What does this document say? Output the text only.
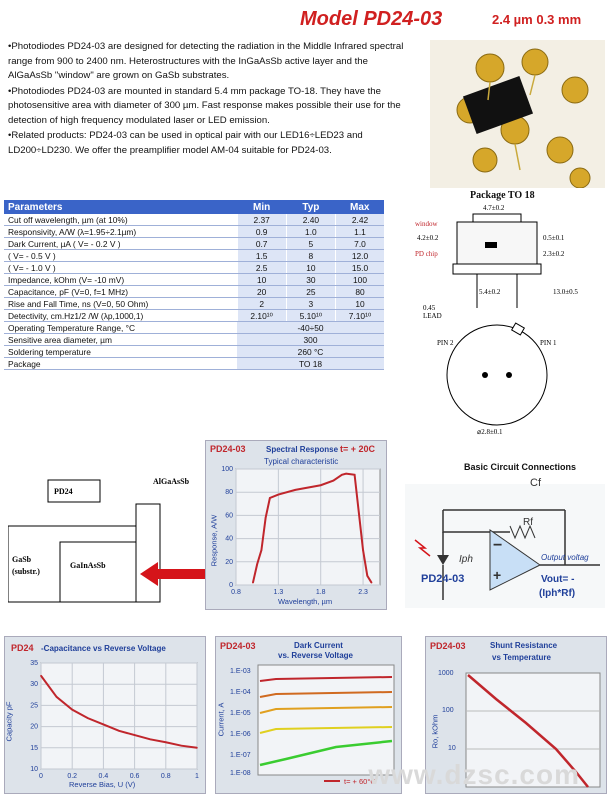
Model PD24-03	2.4 µm 0.3 mm

•Photodiodes PD24-03 are designed for detecting the radiation in the Middle Infrared spectral range from 900 to 2400 nm. Heterostructures with the InGaAsSb active layer and the AlGaAsSb "window" are grown on GaSb substrates.

•Photodiodes PD24-03 are mounted in standard 5.4 mm package TO-18. They have the photosensitive area with diameter of 300 µm. Fast response makes possible their use for the detection of high frequency modulated laser or LED emission.

•Related products: PD24-03 can be used in optical pair with our LED16÷LED23 and LD200÷LD230. We offer the preamplifier model AM-04 suitable for PD24-03.

Parameters	Min	Typ	Max
Cut off wavelength, µm (at 10%)	2.37	2.40	2.42
Responsivity, A/W (λ=1.95÷2.1µm)	0.9	1.0	1.1
Dark Current, µA ( V= - 0.2 V )	0.7	5	7.0
( V= - 0.5 V )	1.5	8	12.0
( V= - 1.0 V )	2.5	10	15.0
Impedance, kOhm (V= -10 mV)	10	30	100
Capacitance, pF (V=0, f=1 MHz)	20	25	80
Rise and Fall Time, ns (V=0, 50 Ohm)	2	3	10
Detectivity, cm.Hz1/2 /W (λp,1000,1)	2.10¹⁰	5.10¹⁰	7.10¹⁰
Operating Temperature Range, °C	-40÷50		
Sensitive area diameter, µm	300		
Soldering temperature	260 °C		
Package	TO 18		
Package TO 18
4.7±0.2
window
PD chip
4.2±0.2	0.5±0.1
2.3±0.2
5.4±0.2	13.0±0.5
0.45
LEAD
PIN 2	PIN 1
⌀2.8±0.1
PD24
AlGaAsSb
GaSb
(substr.)
GaInAsSb
PD24-03	Spectral Response t= + 20C
Typical characteristic
0.8	1.3	1.8	2.3
0
20
40
60
80
100
Wavelength, µm
Response, A/W
Basic Circuit Connections
−
+
Cf
Rf
Iph
PD24-03
Output voltag
Vout= -
(Iph*Rf)
PD24 -Capacitance vs Reverse Voltage
0	0.2	0.4	0.6	0.8	1
10
15
20
25
30
35
Reverse Bias, U (V)
Capacity pF
PD24-03	Dark Current
vs. Reverse Voltage
1.E-03
1.E-04
1.E-05
1.E-06
1.E-07
1.E-08
Current, A
t= + 60°C
PD24-03	Shunt Resistance
vs Temperature
1000
100
10
Ro, kOhm
www.dzsc.com
